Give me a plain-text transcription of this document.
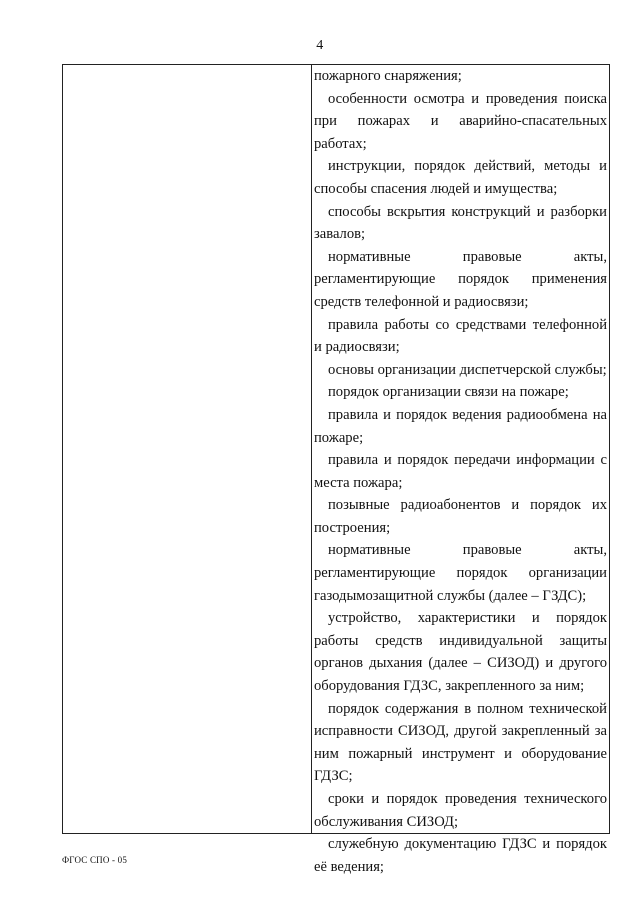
4

пожарного снаряжения;

особенности осмотра и проведения поиска при пожарах и аварийно-спасательных работах;

инструкции, порядок действий, методы и способы спасения людей и имущества;

способы вскрытия конструкций и разборки завалов;

нормативные правовые акты, регламентирующие порядок применения средств телефонной и радиосвязи;

правила работы со средствами телефонной и радиосвязи;

основы организации диспетчерской службы;

порядок организации связи на пожаре;

правила и порядок ведения радиообмена на пожаре;

правила и порядок передачи информации с места пожара;

позывные радиоабонентов и порядок их построения;

нормативные правовые акты, регламентирующие порядок организации газодымозащитной службы (далее – ГЗДС);

устройство, характеристики и порядок работы средств индивидуальной защиты органов дыхания (далее – СИЗОД) и другого оборудования ГДЗС, закрепленного за ним;

порядок содержания в полном технической исправности СИЗОД, другой закрепленный за ним пожарный инструмент и оборудование ГДЗС;

сроки и порядок проведения технического обслуживания СИЗОД;

служебную документацию ГДЗС и порядок её ведения;

ФГОС СПО - 05
